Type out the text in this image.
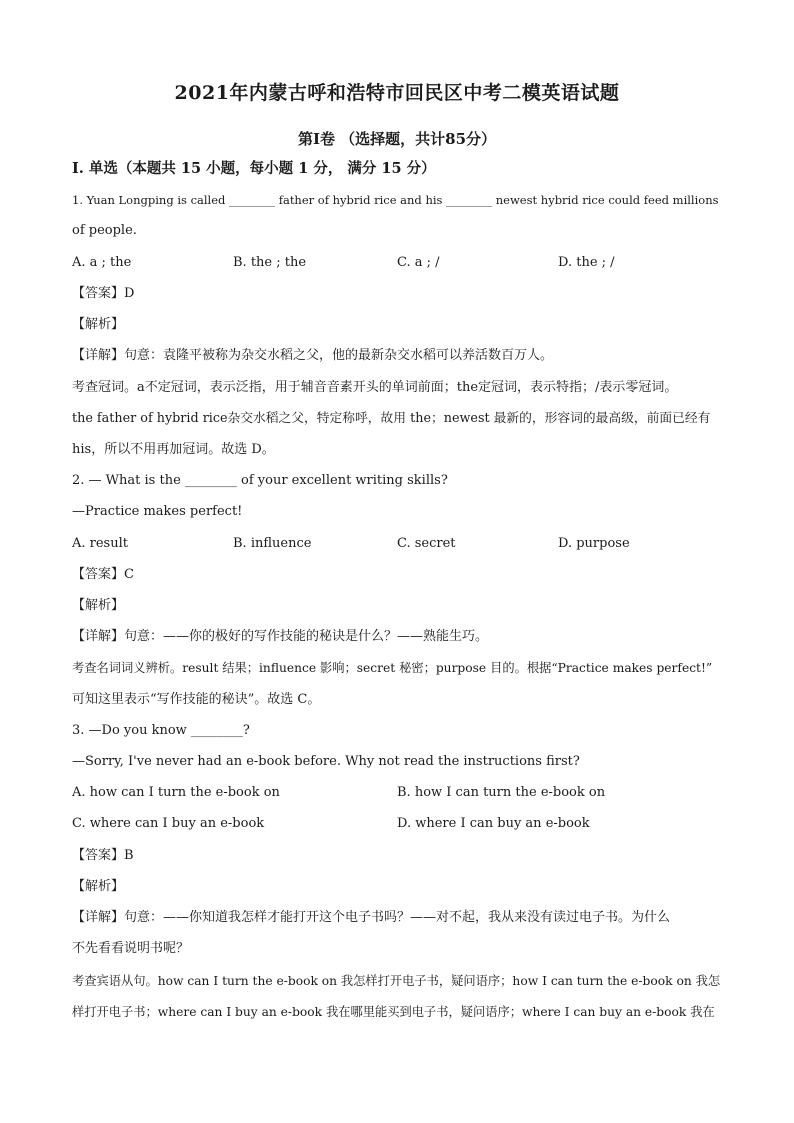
2021年内蒙古呼和浩特市回民区中考二模英语试题
第I卷 （选择题，共计85分）
I. 单选（本题共 15 小题，每小题 1 分， 满分 15 分）
1. Yuan Longping is called ________ father of hybrid rice and his ________ newest hybrid rice could feed millions
of people.
A. a ; the	B. the ; the	C. a ; /	D. the ; /
【答案】D
【解析】
【详解】句意：袁隆平被称为杂交水稻之父，他的最新杂交水稻可以养活数百万人。
考查冠词。a不定冠词，表示泛指，用于辅音音素开头的单词前面；the定冠词，表示特指；/表示零冠词。
the father of hybrid rice杂交水稻之父，特定称呼，故用 the；newest 最新的，形容词的最高级，前面已经有
his，所以不用再加冠词。故选 D。
2. — What is the ________ of your excellent writing skills?
—Practice makes perfect!
A. result	B. influence	C. secret	D. purpose
【答案】C
【解析】
【详解】句意：——你的极好的写作技能的秘诀是什么？——熟能生巧。
考查名词词义辨析。result 结果；influence 影响；secret 秘密；purpose 目的。根据“Practice makes perfect!”
可知这里表示“写作技能的秘诀”。故选 C。
3. —Do you know ________?
—Sorry, I've never had an e-book before. Why not read the instructions first?
A. how can I turn the e-book on	B. how I can turn the e-book on
C. where can I buy an e-book	D. where I can buy an e-book
【答案】B
【解析】
【详解】句意：——你知道我怎样才能打开这个电子书吗？——对不起，我从来没有读过电子书。为什么
不先看看说明书呢？
考查宾语从句。how can I turn the e-book on 我怎样打开电子书，疑问语序；how I can turn the e-book on 我怎
样打开电子书；where can I buy an e-book 我在哪里能买到电子书，疑问语序；where I can buy an e-book 我在
